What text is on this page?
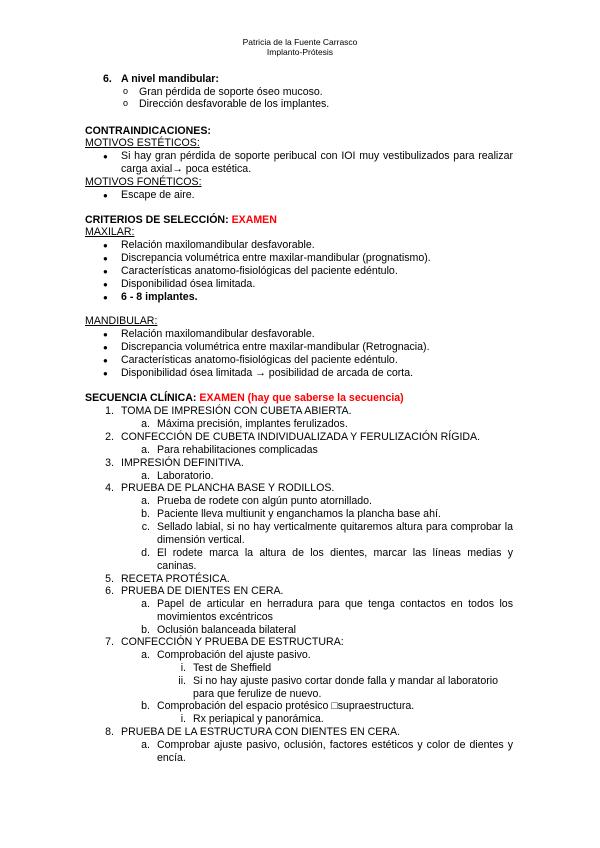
Patricia de la Fuente Carrasco
Implanto-Prótesis
6. A nivel mandibular:
o Gran pérdida de soporte óseo mucoso.
o Dirección desfavorable de los implantes.
CONTRAINDICACIONES:
MOTIVOS ESTÉTICOS:
● Si hay gran pérdida de soporte peribucal con IOI muy vestibulizados para realizar carga axial→ poca estética.
MOTIVOS FONÉTICOS:
● Escape de aire.
CRITERIOS DE SELECCIÓN: EXAMEN
MAXILAR:
● Relación maxilomandibular desfavorable.
● Discrepancia volumétrica entre maxilar-mandibular (prognatismo).
● Características anatomo-fisiológicas del paciente edéntulo.
● Disponibilidad ósea limitada.
● 6 - 8 implantes.
MANDIBULAR:
● Relación maxilomandibular desfavorable.
● Discrepancia volumétrica entre maxilar-mandibular (Retrognacia).
● Características anatomo-fisiológicas del paciente edéntulo.
● Disponibilidad ósea limitada → posibilidad de arcada de corta.
SECUENCIA CLÍNICA: EXAMEN (hay que saberse la secuencia)
1. TOMA DE IMPRESIÓN CON CUBETA ABIERTA.
a. Máxima precisión, implantes ferulizados.
2. CONFECCIÓN DE CUBETA INDIVIDUALIZADA Y FERULIZACIÓN RÍGIDA.
a. Para rehabilitaciones complicadas
3. IMPRESIÓN DEFINITIVA.
a. Laboratorio.
4. PRUEBA DE PLANCHA BASE Y RODILLOS.
a. Prueba de rodete con algún punto atornillado.
b. Paciente lleva multiunit y enganchamos la plancha base ahí.
c. Sellado labial, si no hay verticalmente quitaremos altura para comprobar la dimensión vertical.
d. El rodete marca la altura de los dientes, marcar las líneas medias y caninas.
5. RECETA PROTÉSICA.
6. PRUEBA DE DIENTES EN CERA.
a. Papel de articular en herradura para que tenga contactos en todos los movimientos excéntricos
b. Oclusión balanceada bilateral
7. CONFECCIÓN Y PRUEBA DE ESTRUCTURA:
a. Comprobación del ajuste pasivo.
i. Test de Sheffield
ii. Si no hay ajuste pasivo cortar donde falla y mandar al laboratorio para que ferulize de nuevo.
b. Comprobación del espacio protésico □supraestructura.
i. Rx periapical y panorámica.
8. PRUEBA DE LA ESTRUCTURA CON DIENTES EN CERA.
a. Comprobar ajuste pasivo, oclusión, factores estéticos y color de dientes y encía.
